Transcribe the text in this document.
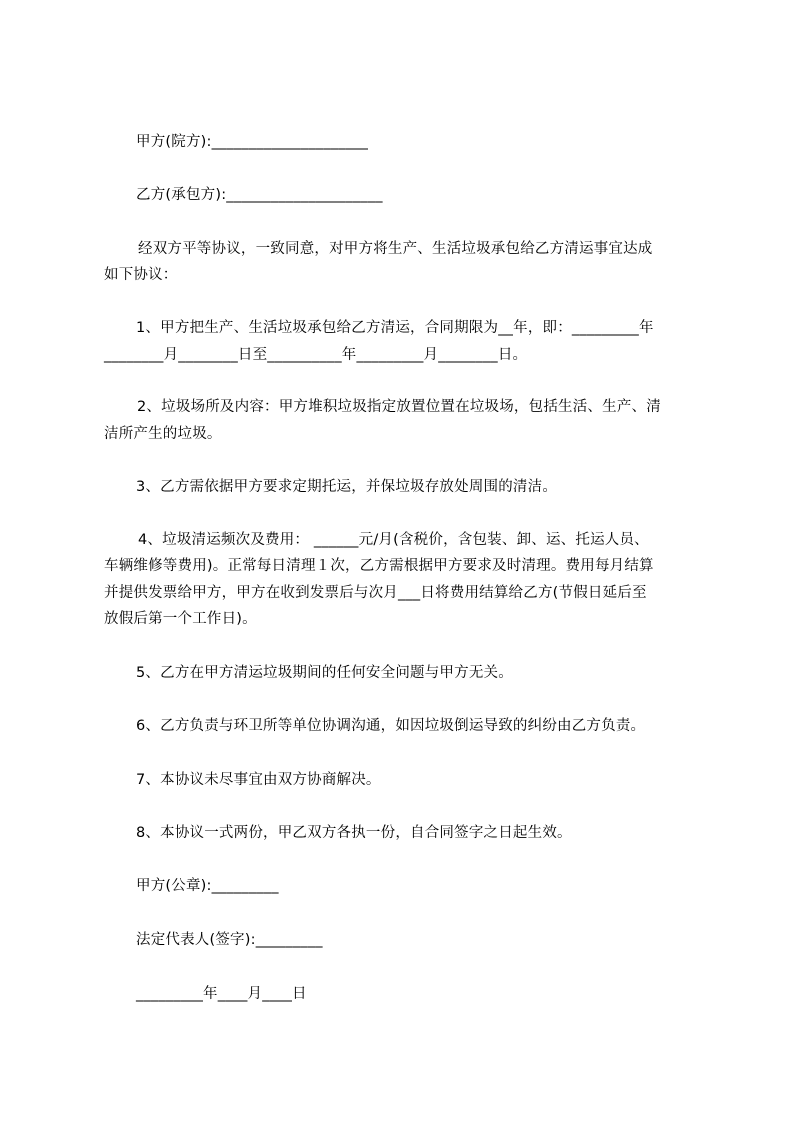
甲方(院方):_____________________
乙方(承包方):_____________________
经双方平等协议，一致同意，对甲方将生产、生活垃圾承包给乙方清运事宜达成
如下协议：
1、甲方把生产、生活垃圾承包给乙方清运，合同期限为__年，即：_________年
________月________日至__________年_________月________日。
2、垃圾场所及内容：甲方堆积垃圾指定放置位置在垃圾场，包括生活、生产、清
洁所产生的垃圾。
3、乙方需依据甲方要求定期托运，并保垃圾存放处周围的清洁。
4、垃圾清运频次及费用： ______元/月(含税价，含包装、卸、运、托运人员、
车辆维修等费用)。正常每日清理１次，乙方需根据甲方要求及时清理。费用每月结算
并提供发票给甲方，甲方在收到发票后与次月___日将费用结算给乙方(节假日延后至
放假后第一个工作日)。
5、乙方在甲方清运垃圾期间的任何安全问题与甲方无关。
6、乙方负责与环卫所等单位协调沟通，如因垃圾倒运导致的纠纷由乙方负责。
7、本协议未尽事宜由双方协商解决。
8、本协议一式两份，甲乙双方各执一份，自合同签字之日起生效。
甲方(公章):_________
法定代表人(签字):_________
_________年____月____日
